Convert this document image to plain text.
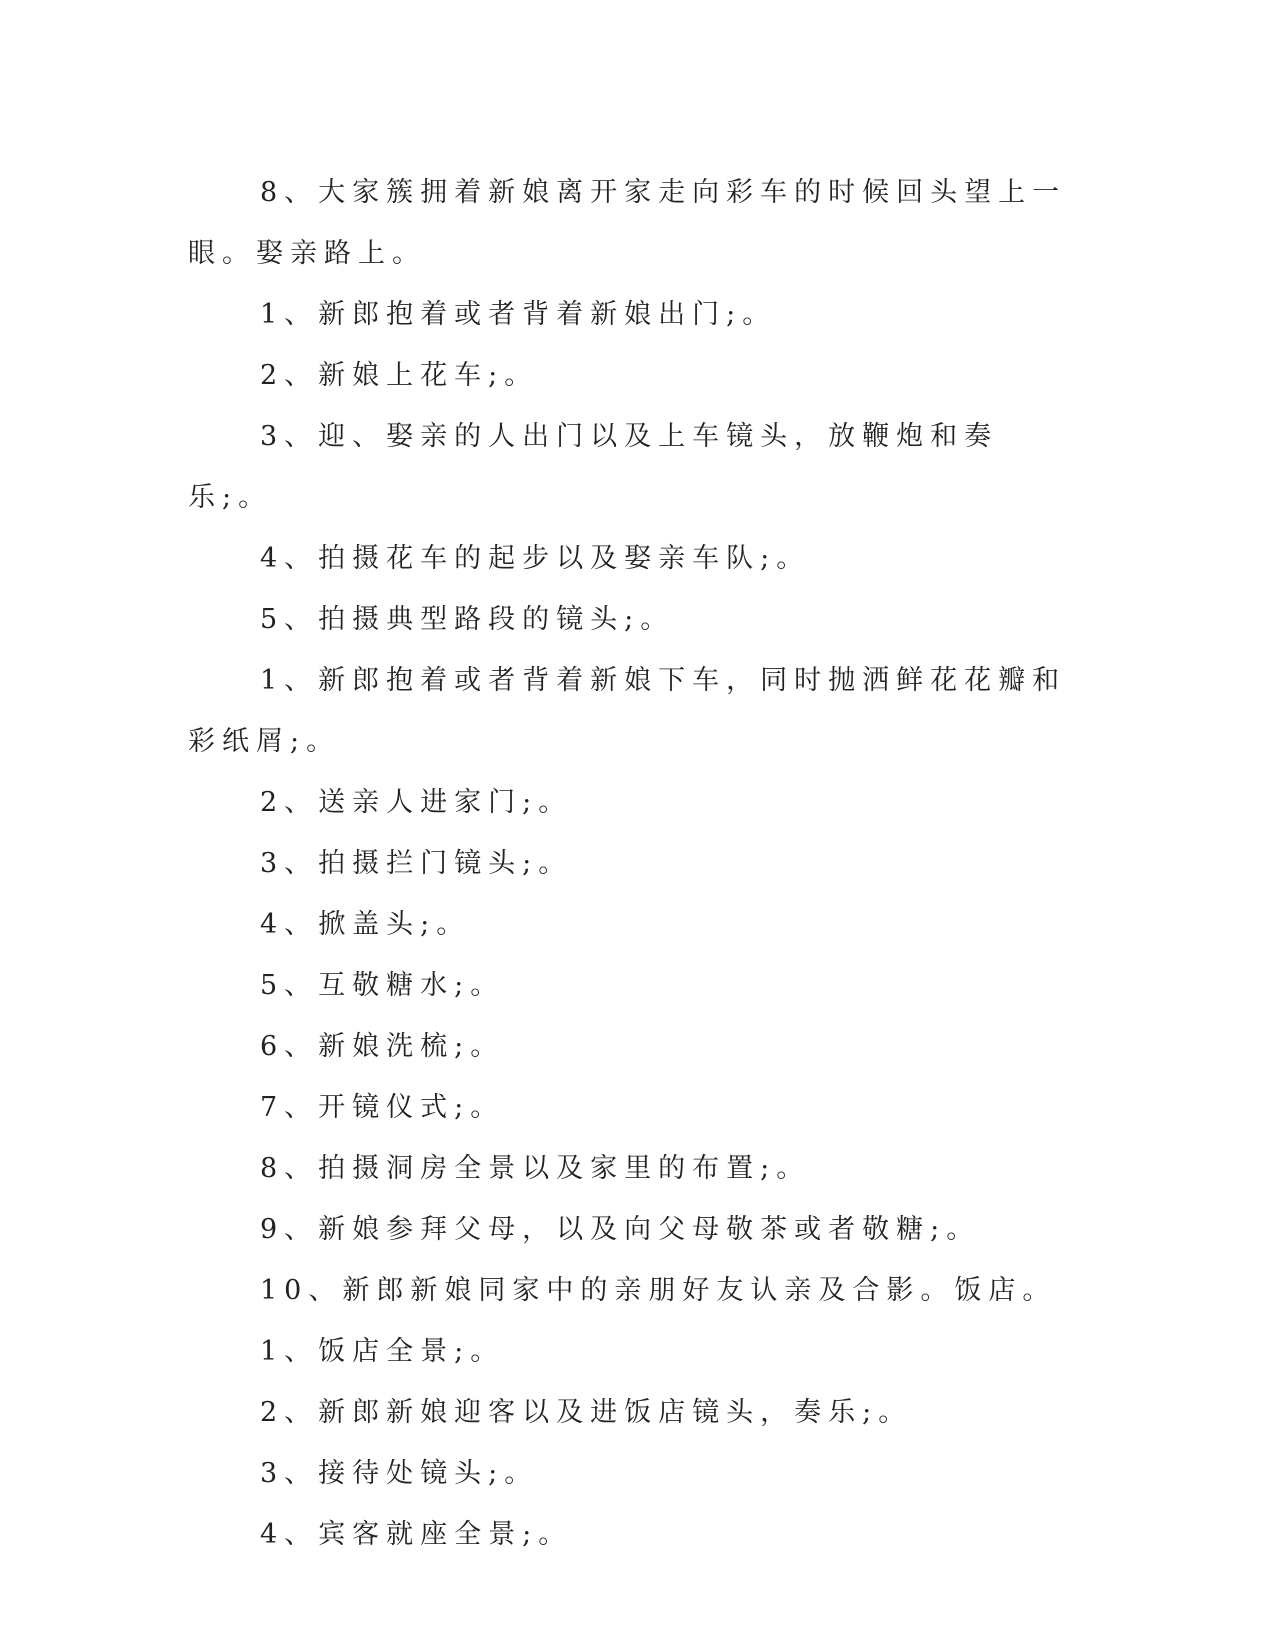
8、大家簇拥着新娘离开家走向彩车的时候回头望上一眼。娶亲路上。

1、新郎抱着或者背着新娘出门;。

2、新娘上花车;。

3、迎、娶亲的人出门以及上车镜头，放鞭炮和奏乐;。

4、拍摄花车的起步以及娶亲车队;。

5、拍摄典型路段的镜头;。

1、新郎抱着或者背着新娘下车，同时抛洒鲜花花瓣和彩纸屑;。

2、送亲人进家门;。

3、拍摄拦门镜头;。

4、掀盖头;。

5、互敬糖水;。

6、新娘洗梳;。

7、开镜仪式;。

8、拍摄洞房全景以及家里的布置;。

9、新娘参拜父母，以及向父母敬茶或者敬糖;。

10、新郎新娘同家中的亲朋好友认亲及合影。饭店。

1、饭店全景;。

2、新郎新娘迎客以及进饭店镜头，奏乐;。

3、接待处镜头;。

4、宾客就座全景;。
